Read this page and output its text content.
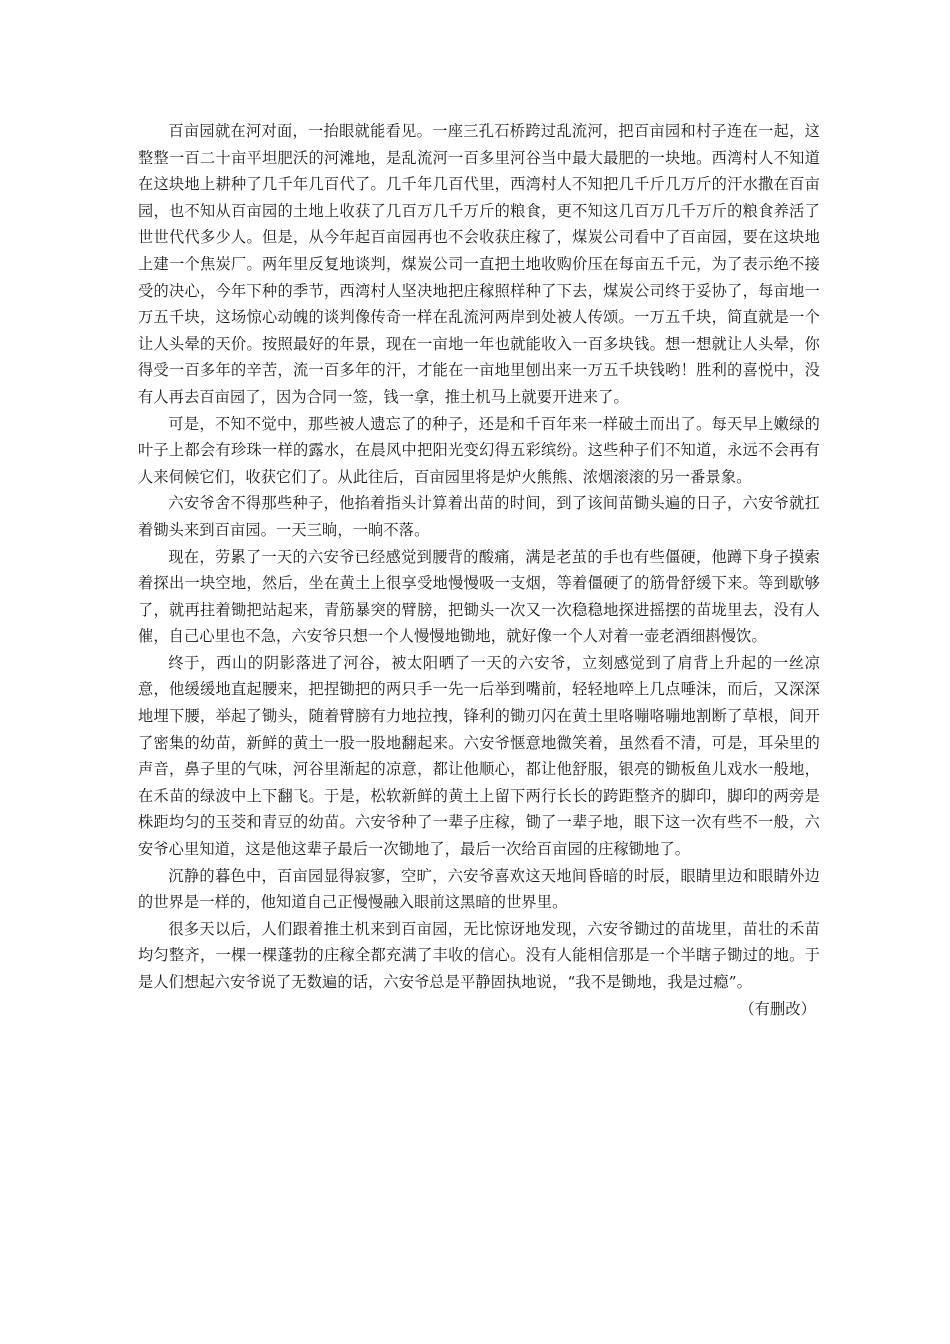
百亩园就在河对面，一抬眼就能看见。一座三孔石桥跨过乱流河，把百亩园和村子连在一起，这整整一百二十亩平坦肥沃的河滩地，是乱流河一百多里河谷当中最大最肥的一块地。西湾村人不知道在这块地上耕种了几千年几百代了。几千年几百代里，西湾村人不知把几千斤几万斤的汗水撒在百亩园，也不知从百亩园的土地上收获了几百万几千万斤的粮食，更不知这几百万几千万斤的粮食养活了世世代代多少人。但是，从今年起百亩园再也不会收获庄稼了，煤炭公司看中了百亩园，要在这块地上建一个焦炭厂。两年里反复地谈判，煤炭公司一直把土地收购价压在每亩五千元，为了表示绝不接受的决心，今年下种的季节，西湾村人坚决地把庄稼照样种了下去，煤炭公司终于妥协了，每亩地一万五千块，这场惊心动魄的谈判像传奇一样在乱流河两岸到处被人传颂。一万五千块，简直就是一个让人头晕的天价。按照最好的年景，现在一亩地一年也就能收入一百多块钱。想一想就让人头晕，你得受一百多年的辛苦，流一百多年的汗，才能在一亩地里刨出来一万五千块钱哟！胜利的喜悦中，没有人再去百亩园了，因为合同一签，钱一拿，推土机马上就要开进来了。

可是，不知不觉中，那些被人遗忘了的种子，还是和千百年来一样破土而出了。每天早上嫩绿的叶子上都会有珍珠一样的露水，在晨风中把阳光变幻得五彩缤纷。这些种子们不知道，永远不会再有人来伺候它们，收获它们了。从此往后，百亩园里将是炉火熊熊、浓烟滚滚的另一番景象。

六安爷舍不得那些种子，他掐着指头计算着出苗的时间，到了该间苗锄头遍的日子，六安爷就扛着锄头来到百亩园。一天三晌，一晌不落。

现在，劳累了一天的六安爷已经感觉到腰背的酸痛，满是老茧的手也有些僵硬，他蹲下身子摸索着探出一块空地，然后，坐在黄土上很享受地慢慢吸一支烟，等着僵硬了的筋骨舒缓下来。等到歇够了，就再拄着锄把站起来，青筋暴突的臂膀，把锄头一次又一次稳稳地探进摇摆的苗垅里去，没有人催，自己心里也不急，六安爷只想一个人慢慢地锄地，就好像一个人对着一壶老酒细斟慢饮。

终于，西山的阴影落进了河谷，被太阳晒了一天的六安爷，立刻感觉到了肩背上升起的一丝凉意，他缓缓地直起腰来，把捏锄把的两只手一先一后举到嘴前，轻轻地啐上几点唾沫，而后，又深深地埋下腰，举起了锄头，随着臂膀有力地拉拽，锋利的锄刃闪在黄土里咯嘣咯嘣地割断了草根，间开了密集的幼苗，新鲜的黄土一股一股地翻起来。六安爷惬意地微笑着，虽然看不清，可是，耳朵里的声音，鼻子里的气味，河谷里渐起的凉意，都让他顺心，都让他舒服，银亮的锄板鱼儿戏水一般地，在禾苗的绿波中上下翻飞。于是，松软新鲜的黄土上留下两行长长的跨距整齐的脚印，脚印的两旁是株距均匀的玉茭和青豆的幼苗。六安爷种了一辈子庄稼，锄了一辈子地，眼下这一次有些不一般，六安爷心里知道，这是他这辈子最后一次锄地了，最后一次给百亩园的庄稼锄地了。

沉静的暮色中，百亩园显得寂寥，空旷，六安爷喜欢这天地间昏暗的时辰，眼睛里边和眼睛外边的世界是一样的，他知道自己正慢慢融入眼前这黑暗的世界里。

很多天以后，人们跟着推土机来到百亩园，无比惊讶地发现，六安爷锄过的苗垅里，苗壮的禾苗均匀整齐，一棵一棵蓬勃的庄稼全都充满了丰收的信心。没有人能相信那是一个半瞎子锄过的地。于是人们想起六安爷说了无数遍的话，六安爷总是平静固执地说，“我不是锄地，我是过瘾”。

（有删改）
